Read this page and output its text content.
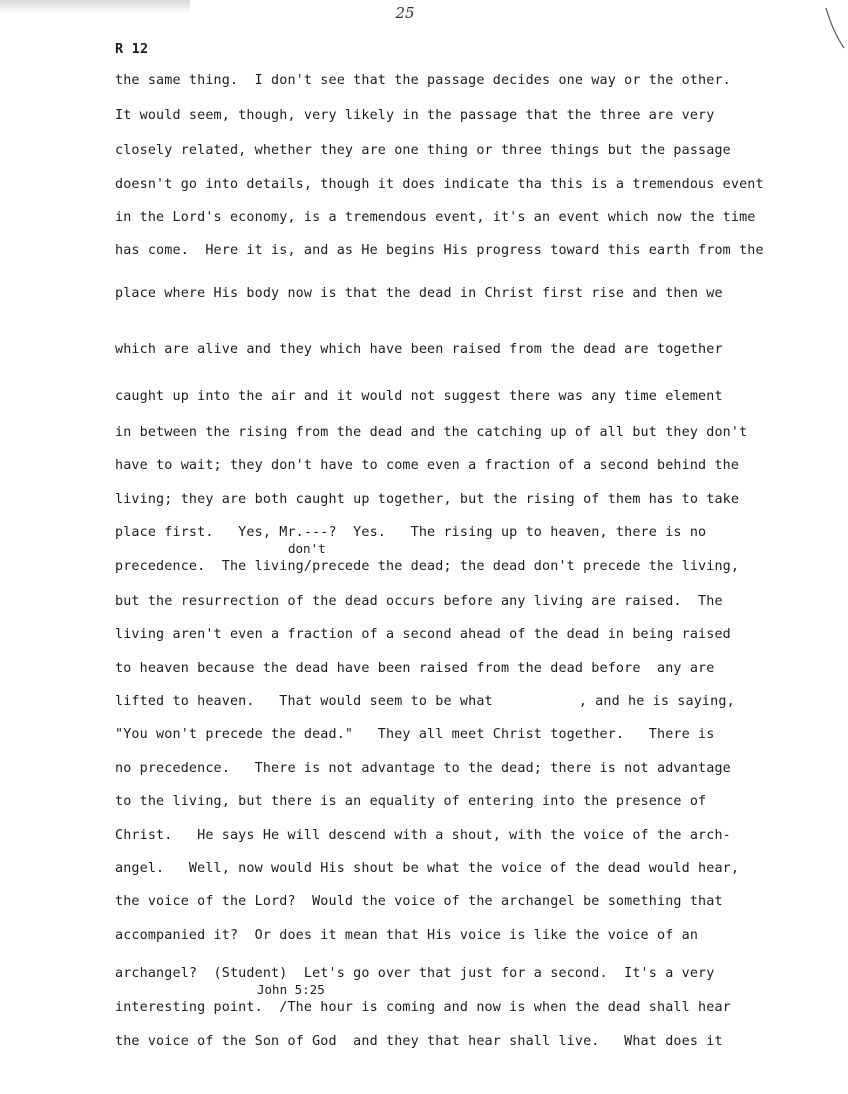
25
R 12
the same thing.  I don't see that the passage decides one way or the other.
It would seem, though, very likely in the passage that the three are very
closely related, whether they are one thing or three things but the passage
doesn't go into details, though it does indicate tha this is a tremendous event
in the Lord's economy, is a tremendous event, it's an event which now the time
has come.  Here it is, and as He begins His progress toward this earth from the
place where His body now is that the dead in Christ first rise and then we
which are alive and they which have been raised from the dead are together
caught up into the air and it would not suggest there was any time element
in between the rising from the dead and the catching up of all but they don't
have to wait; they don't have to come even a fraction of a second behind the
living; they are both caught up together, but the rising of them has to take
place first.   Yes, Mr.---?  Yes.   The rising up to heaven, there is no
don't
precedence.  The living/precede the dead; the dead don't precede the living,
but the resurrection of the dead occurs before any living are raised.  The
living aren't even a fraction of a second ahead of the dead in being raised
to heaven because the dead have been raised from the dead before  any are
lifted to heaven.   That would seem to be what	, and he is saying,
"You won't precede the dead."   They all meet Christ together.   There is
no precedence.   There is not advantage to the dead; there is not advantage
to the living, but there is an equality of entering into the presence of
Christ.   He says He will descend with a shout, with the voice of the arch-
angel.   Well, now would His shout be what the voice of the dead would hear,
the voice of the Lord?  Would the voice of the archangel be something that
accompanied it?  Or does it mean that His voice is like the voice of an
archangel?  (Student)  Let's go over that just for a second.  It's a very
John 5:25
interesting point.  /The hour is coming and now is when the dead shall hear
the voice of the Son of God  and they that hear shall live.   What does it
